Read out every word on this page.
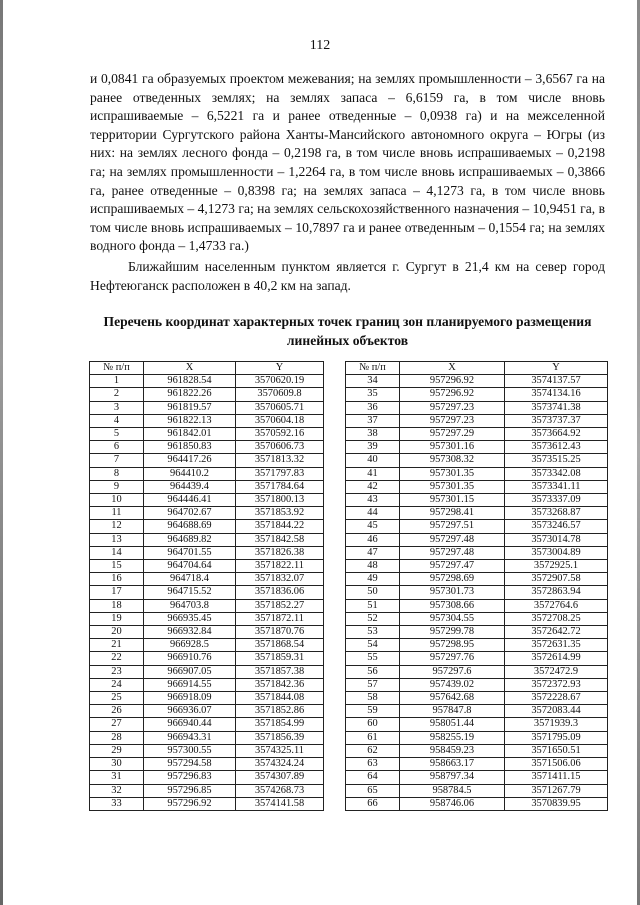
112

и 0,0841 га образуемых проектом межевания; на землях промышленности – 3,6567 га на ранее отведенных землях; на землях запаса – 6,6159 га, в том числе вновь испрашиваемые – 6,5221 га и ранее отведенные – 0,0938 га) и на межселенной территории Сургутского района Ханты-Мансийского автономного округа – Югры (из них: на землях лесного фонда – 0,2198 га, в том числе вновь испрашиваемых – 0,2198 га; на землях промышленности – 1,2264 га, в том числе вновь испрашиваемых – 0,3866 га, ранее отведенные – 0,8398 га; на землях запаса – 4,1273 га, в том числе вновь испрашиваемых – 4,1273 га; на землях сельскохозяйственного назначения – 10,9451 га, в том числе вновь испрашиваемых – 10,7897 га и ранее отведенным – 0,1554 га; на землях водного фонда – 1,4733 га.)

Ближайшим населенным пунктом является г. Сургут в 21,4 км на север город Нефтеюганск расположен в 40,2 км на запад.

Перечень координат характерных точек границ зон планируемого размещения линейных объектов
№ п/п	X	Y
1	961828.54	3570620.19
2	961822.26	3570609.8
3	961819.57	3570605.71
4	961822.13	3570604.18
5	961842.01	3570592.16
6	961850.83	3570606.73
7	964417.26	3571813.32
8	964410.2	3571797.83
9	964439.4	3571784.64
10	964446.41	3571800.13
11	964702.67	3571853.92
12	964688.69	3571844.22
13	964689.82	3571842.58
14	964701.55	3571826.38
15	964704.64	3571822.11
16	964718.4	3571832.07
17	964715.52	3571836.06
18	964703.8	3571852.27
19	966935.45	3571872.11
20	966932.84	3571870.76
21	966928.5	3571868.54
22	966910.76	3571859.31
23	966907.05	3571857.38
24	966914.55	3571842.36
25	966918.09	3571844.08
26	966936.07	3571852.86
27	966940.44	3571854.99
28	966943.31	3571856.39
29	957300.55	3574325.11
30	957294.58	3574324.24
31	957296.83	3574307.89
32	957296.85	3574268.73
33	957296.92	3574141.58
№ п/п	X	Y
34	957296.92	3574137.57
35	957296.92	3574134.16
36	957297.23	3573741.38
37	957297.23	3573737.37
38	957297.29	3573664.92
39	957301.16	3573612.43
40	957308.32	3573515.25
41	957301.35	3573342.08
42	957301.35	3573341.11
43	957301.15	3573337.09
44	957298.41	3573268.87
45	957297.51	3573246.57
46	957297.48	3573014.78
47	957297.48	3573004.89
48	957297.47	3572925.1
49	957298.69	3572907.58
50	957301.73	3572863.94
51	957308.66	3572764.6
52	957304.55	3572708.25
53	957299.78	3572642.72
54	957298.95	3572631.35
55	957297.76	3572614.99
56	957297.6	3572472.9
57	957439.02	3572372.93
58	957642.68	3572228.67
59	957847.8	3572083.44
60	958051.44	3571939.3
61	958255.19	3571795.09
62	958459.23	3571650.51
63	958663.17	3571506.06
64	958797.34	3571411.15
65	958784.5	3571267.79
66	958746.06	3570839.95
